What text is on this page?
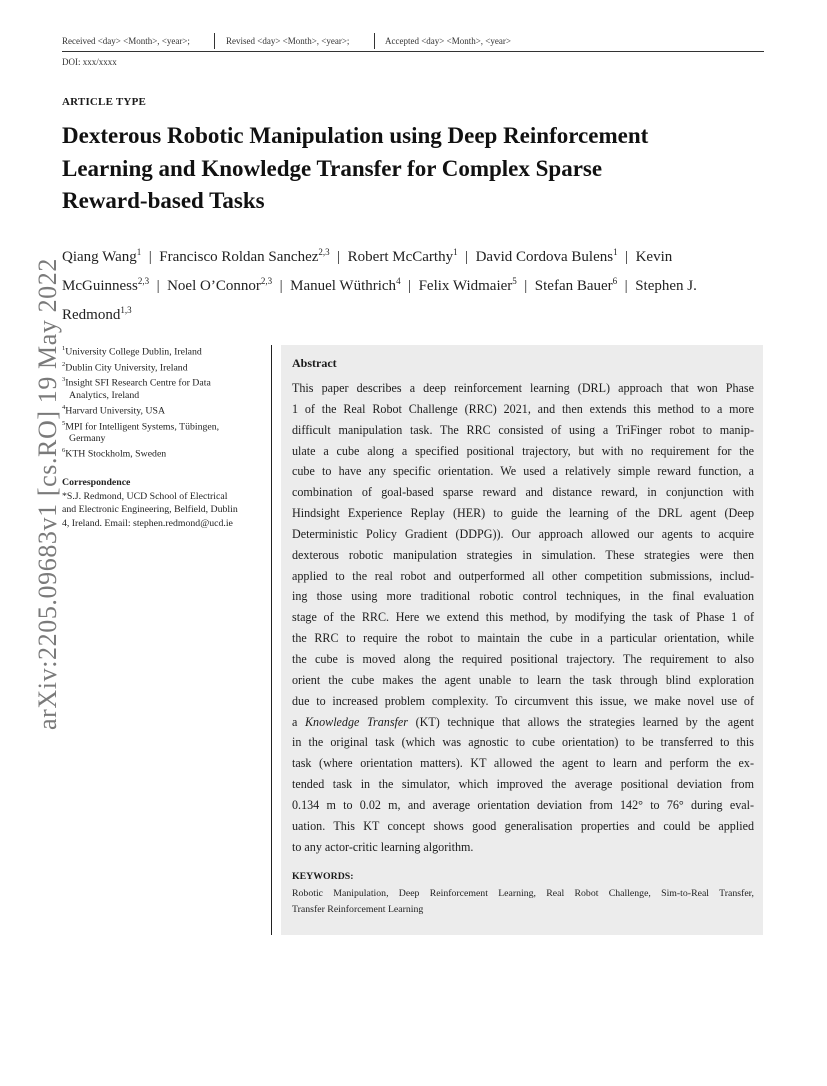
Received <day> <Month>, <year>;	Revised <day> <Month>, <year>;	Accepted <day> <Month>, <year>
DOI: xxx/xxxx
ARTICLE TYPE
Dexterous Robotic Manipulation using Deep Reinforcement
Learning and Knowledge Transfer for Complex Sparse
Reward-based Tasks
Qiang Wang$^1$  |  Francisco Roldan Sanchez$^{2,3}$  |  Robert McCarthy$^1$  |  David Cordova Bulens$^1$  |  Kevin
McGuinness$^{2,3}$  |  Noel O’Connor$^{2,3}$  |  Manuel Wüthrich$^4$  |  Felix Widmaier$^5$  |  Stefan Bauer$^6$  |  Stephen J.
Redmond$^{1,3}$
arXiv:2205.09683v1 [cs.RO] 19 May 2022 $^1$University College Dublin, Ireland
$^2$Dublin City University, Ireland
$^3$Insight SFI Research Centre for Data
Analytics, Ireland
$^4$Harvard University, USA
$^5$MPI for Intelligent Systems, Tübingen,
Germany
$^6$KTH Stockholm, Sweden
Correspondence
*S.J. Redmond, UCD School of Electrical
and Electronic Engineering, Belfield, Dublin
4, Ireland. Email: stephen.redmond@ucd.ie
Abstract
This paper describes a deep reinforcement learning (DRL) approach that won Phase
1 of the Real Robot Challenge (RRC) 2021, and then extends this method to a more
difficult manipulation task. The RRC consisted of using a TriFinger robot to manip-
ulate a cube along a specified positional trajectory, but with no requirement for the
cube to have any specific orientation. We used a relatively simple reward function, a
combination of goal-based sparse reward and distance reward, in conjunction with
Hindsight Experience Replay (HER) to guide the learning of the DRL agent (Deep
Deterministic Policy Gradient (DDPG)). Our approach allowed our agents to acquire
dexterous robotic manipulation strategies in simulation. These strategies were then
applied to the real robot and outperformed all other competition submissions, includ-
ing those using more traditional robotic control techniques, in the final evaluation
stage of the RRC. Here we extend this method, by modifying the task of Phase 1 of
the RRC to require the robot to maintain the cube in a particular orientation, while
the cube is moved along the required positional trajectory. The requirement to also
orient the cube makes the agent unable to learn the task through blind exploration
due to increased problem complexity. To circumvent this issue, we make novel use of
a Knowledge Transfer (KT) technique that allows the strategies learned by the agent
in the original task (which was agnostic to cube orientation) to be transferred to this
task (where orientation matters). KT allowed the agent to learn and perform the ex-
tended task in the simulator, which improved the average positional deviation from
0.134 m to 0.02 m, and average orientation deviation from 142° to 76° during eval-
uation. This KT concept shows good generalisation properties and could be applied
to any actor-critic learning algorithm.
KEYWORDS:
Robotic Manipulation, Deep Reinforcement Learning, Real Robot Challenge, Sim-to-Real Transfer,
Transfer Reinforcement Learning
